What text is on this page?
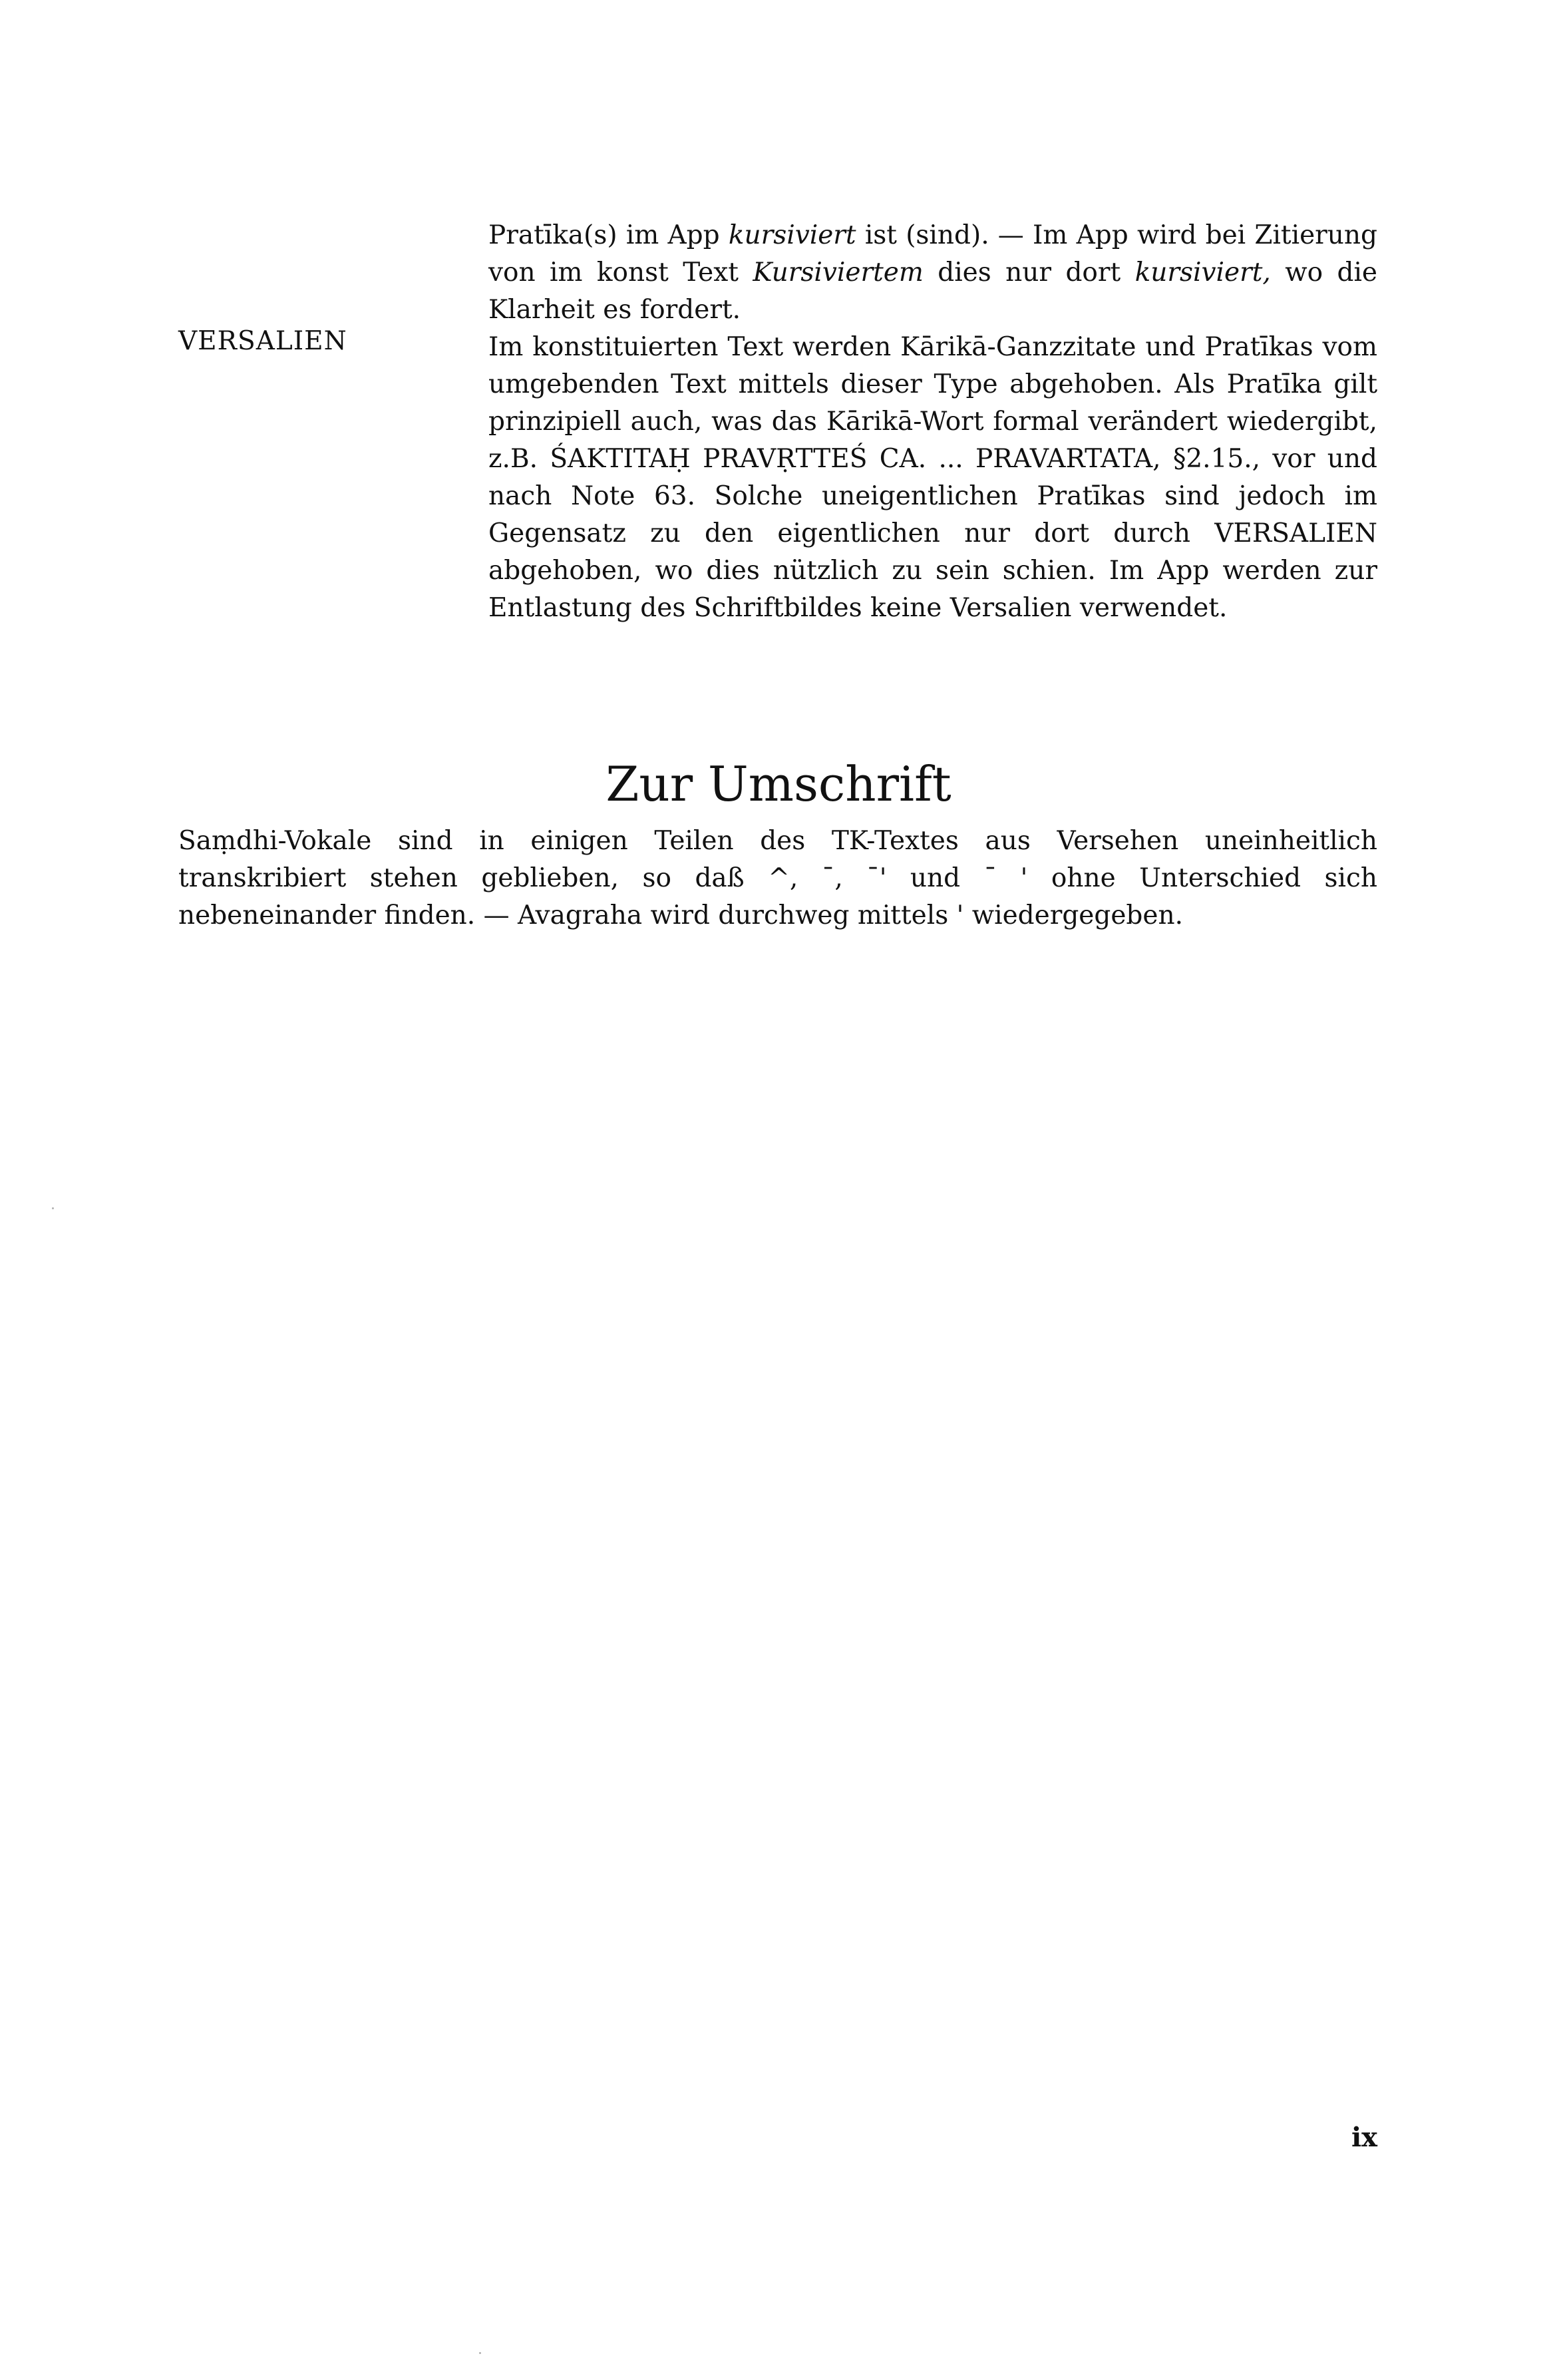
Pratīka(s) im App kursiviert ist (sind). — Im App wird bei Zitierung von im konst Text Kursiviertem dies nur dort kursiviert, wo die Klarheit es fordert.

Im konstituierten Text werden Kārikā-Ganzzitate und Pratīkas vom umgebenden Text mittels dieser Type abgehoben. Als Pratīka gilt prinzipiell auch, was das Kārikā-Wort formal verändert wiedergibt, z.B. ŚAKTITAḤ PRAVṚTTEŚ CA. ... PRAVARTATA, §2.15., vor und nach Note 63. Solche uneigentlichen Pratīkas sind jedoch im Gegensatz zu den eigentlichen nur dort durch VERSALIEN abgehoben, wo dies nützlich zu sein schien. Im App werden zur Entlastung des Schriftbildes keine Versalien verwendet.

VERSALIEN
Zur Umschrift

Saṃdhi-Vokale sind in einigen Teilen des TK-Textes aus Versehen uneinheitlich transkribiert stehen geblieben, so daß ^, ¯, ¯' und ¯ ' ohne Unterschied sich nebeneinander finden. — Avagraha wird durchweg mittels ' wiedergegeben.

ix
